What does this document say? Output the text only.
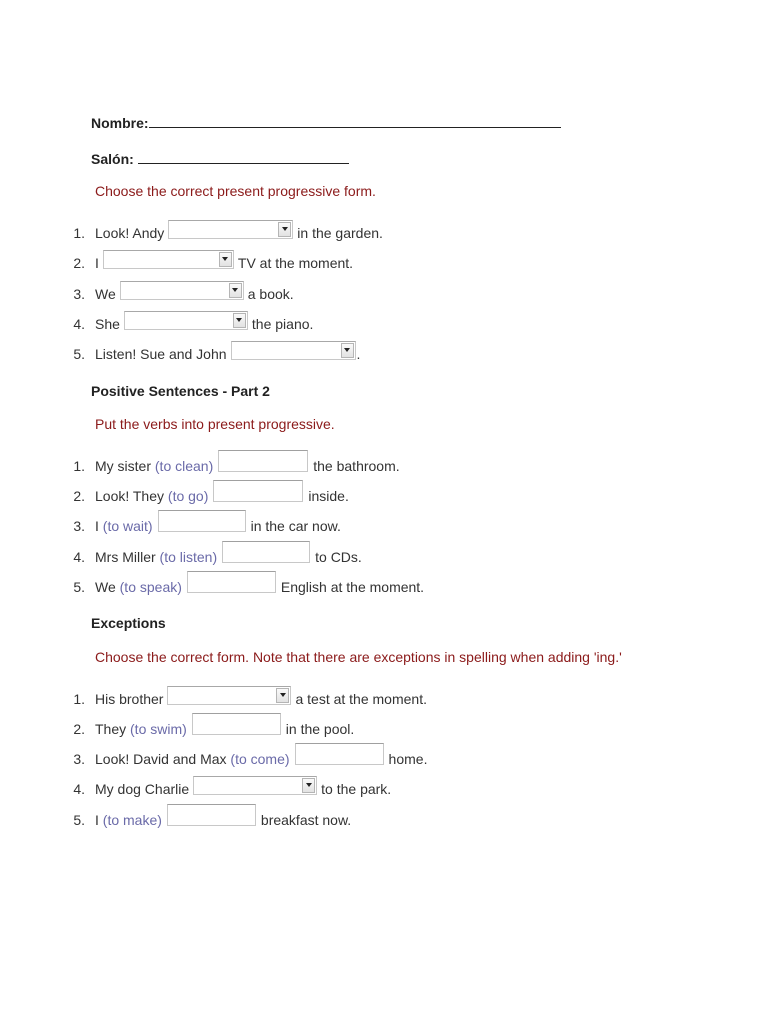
Nombre:
Salón:
Choose the correct present progressive form.
1. Look! Andy	in the garden.
2. I	TV at the moment.
3. We	a book.
4. She	the piano.
5. Listen! Sue and John	.
Positive Sentences - Part 2
Put the verbs into present progressive.
1. My sister
(to clean)	the bathroom.
2. Look! They
(to go)	inside.
3. I
(to wait)	in the car now.
4. Mrs Miller
(to listen)	to CDs.
5. We
(to speak)	English at the moment.
Exceptions
Choose the correct form. Note that there are exceptions in spelling when adding 'ing.'
1. His brother	a test at the moment.
2. They
(to swim)	in the pool.
3. Look! David and Max
(to come)	home.
4. My dog Charlie	to the park.
5. I
(to make)	breakfast now.
